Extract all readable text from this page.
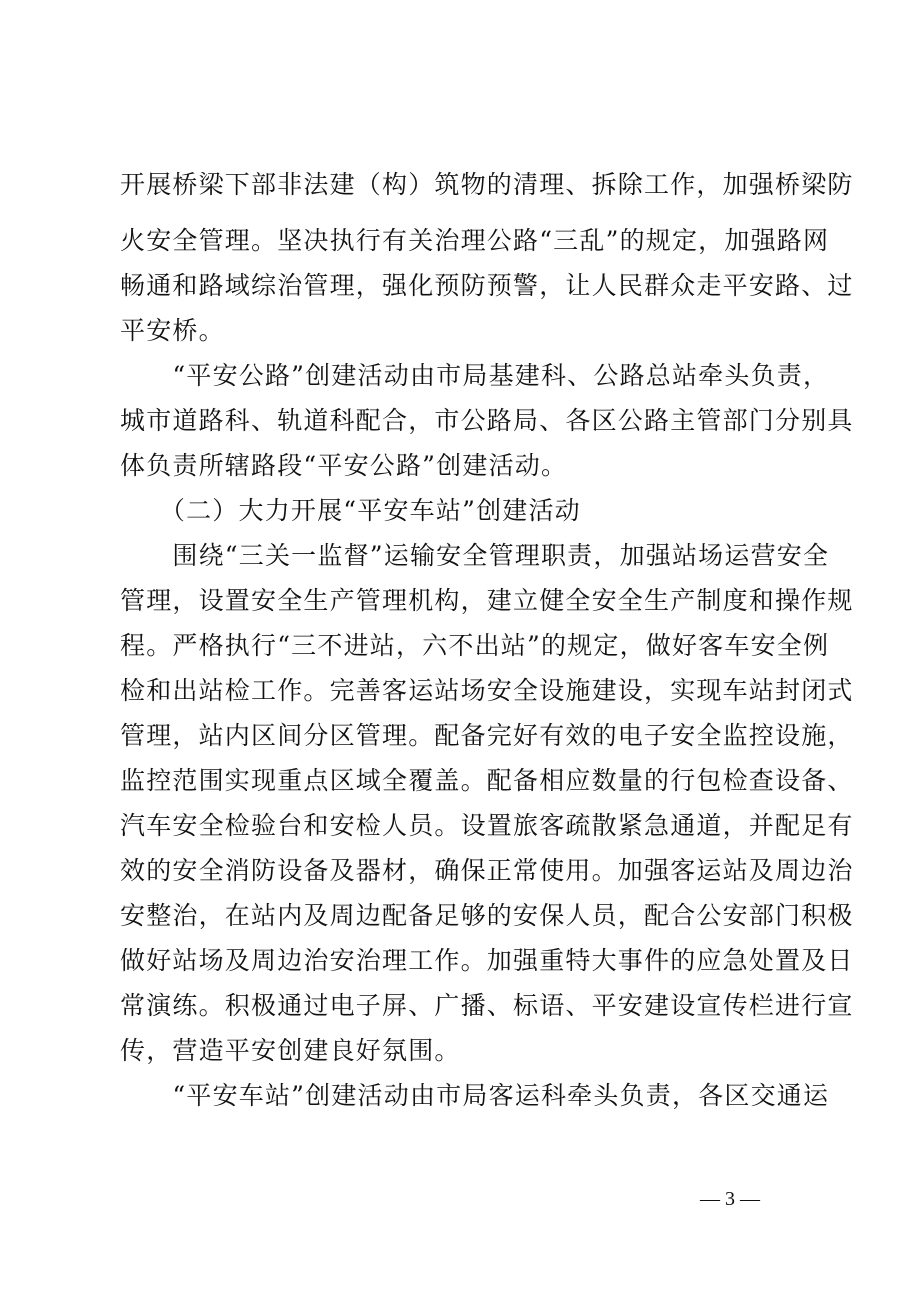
开展桥梁下部非法建（构）筑物的清理、拆除工作，加强桥梁防
火安全管理。坚决执行有关治理公路“三乱”的规定，加强路网
畅通和路域综治管理，强化预防预警，让人民群众走平安路、过
平安桥。
　　“平安公路”创建活动由市局基建科、公路总站牵头负责，
城市道路科、轨道科配合，市公路局、各区公路主管部门分别具
体负责所辖路段“平安公路”创建活动。
　　（二）大力开展“平安车站”创建活动
　　围绕“三关一监督”运输安全管理职责，加强站场运营安全
管理，设置安全生产管理机构，建立健全安全生产制度和操作规
程。严格执行“三不进站，六不出站”的规定，做好客车安全例
检和出站检工作。完善客运站场安全设施建设，实现车站封闭式
管理，站内区间分区管理。配备完好有效的电子安全监控设施，
监控范围实现重点区域全覆盖。配备相应数量的行包检查设备、
汽车安全检验台和安检人员。设置旅客疏散紧急通道，并配足有
效的安全消防设备及器材，确保正常使用。加强客运站及周边治
安整治，在站内及周边配备足够的安保人员，配合公安部门积极
做好站场及周边治安治理工作。加强重特大事件的应急处置及日
常演练。积极通过电子屏、广播、标语、平安建设宣传栏进行宣
传，营造平安创建良好氛围。
　　“平安车站”创建活动由市局客运科牵头负责，各区交通运
— 3 —
